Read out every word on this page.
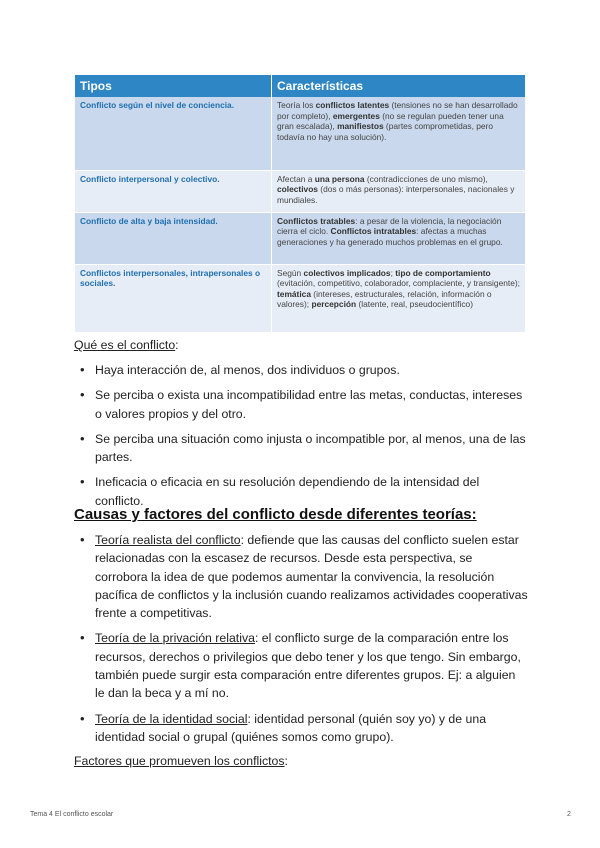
Tipos	Características
Conflicto según el nivel de conciencia.	Teoría los conflictos latentes (tensiones no se han desarrollado por completo), emergentes (no se regulan pueden tener una gran escalada), manifiestos (partes comprometidas, pero todavía no hay una solución).
Conflicto interpersonal y colectivo.	Afectan a una persona (contradicciones de uno mismo), colectivos (dos o más personas): interpersonales, nacionales y mundiales.
Conflicto de alta y baja intensidad.	Conflictos tratables: a pesar de la violencia, la negociación cierra el ciclo. Conflictos intratables: afectas a muchas generaciones y ha generado muchos problemas en el grupo.
Conflictos interpersonales, intrapersonales o sociales.	Según colectivos implicados; tipo de comportamiento (evitación, competitivo, colaborador, complaciente, y transigente); temática (intereses, estructurales, relación, información o valores); percepción (latente, real, pseudocientífico)
Qué es el conflicto:
• Haya interacción de, al menos, dos individuos o grupos.
• Se perciba o exista una incompatibilidad entre las metas, conductas, intereses o valores propios y del otro.
• Se perciba una situación como injusta o incompatible por, al menos, una de las partes.
• Ineficacia o eficacia en su resolución dependiendo de la intensidad del conflicto.
Causas y factores del conflicto desde diferentes teorías:
• Teoría realista del conflicto: defiende que las causas del conflicto suelen estar relacionadas con la escasez de recursos. Desde esta perspectiva, se corrobora la idea de que podemos aumentar la convivencia, la resolución pacífica de conflictos y la inclusión cuando realizamos actividades cooperativas frente a competitivas.
• Teoría de la privación relativa: el conflicto surge de la comparación entre los recursos, derechos o privilegios que debo tener y los que tengo. Sin embargo, también puede surgir esta comparación entre diferentes grupos. Ej: a alguien le dan la beca y a mí no.
• Teoría de la identidad social: identidad personal (quién soy yo) y de una identidad social o grupal (quiénes somos como grupo).
Factores que promueven los conflictos:
Tema 4 El conflicto escolar	2
